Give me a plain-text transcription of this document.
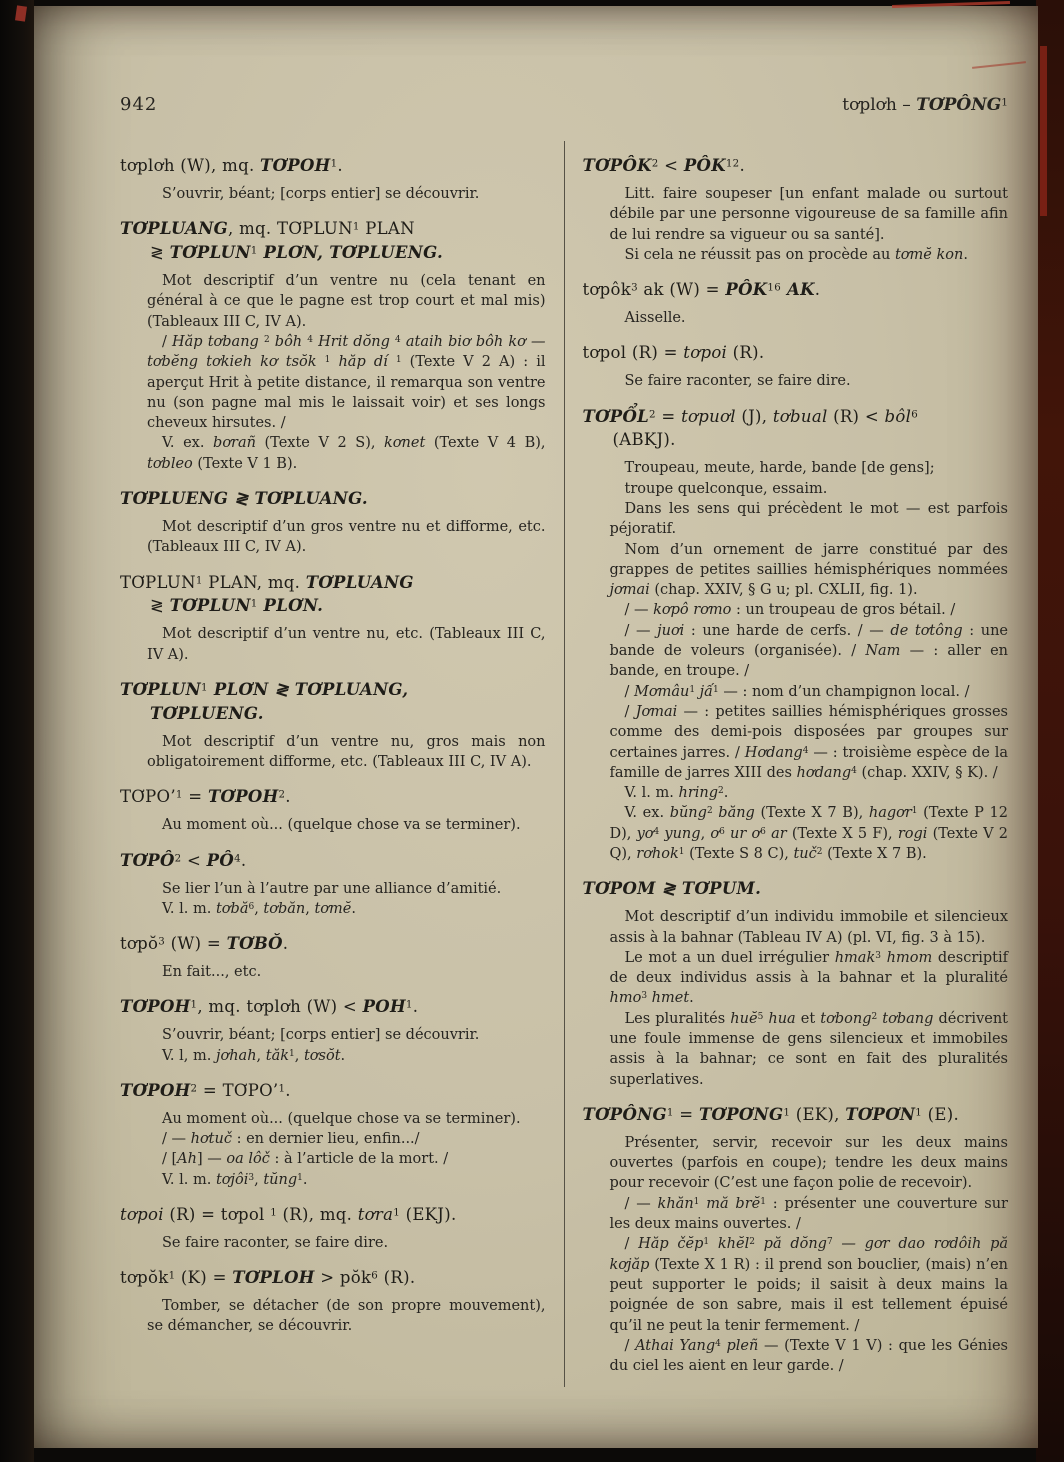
942	tơplơh – TƠPÔNG$^1$
tơplơh (W), mq. TƠPOH$^1$.

S’ouvrir, béant; [corps entier] se découvrir.

TƠPLUANG, mq. TƠPLUN$^1$ PLAN
≷ TƠPLUN$^1$ PLƠN, TƠPLUENG.

Mot descriptif d’un ventre nu (cela tenant en général à ce que le pagne est trop court et mal mis) (Tableaux III C, IV A).

/ Hăp tơbang $^2$ bôh $^4$ Hrit dŏng $^4$ ataih biơ bôh kơ — tơbĕng tơkieh kơ tsŏk $^1$ hăp dí $^1$ (Texte V 2 A) : il aperçut Hrit à petite distance, il remarqua son ventre nu (son pagne mal mis le laissait voir) et ses longs cheveux hirsutes. /

V. ex. bơrañ (Texte V 2 S), kơnet (Texte V 4 B), tơbleo (Texte V 1 B).

TƠPLUENG ≷ TƠPLUANG.

Mot descriptif d’un gros ventre nu et difforme, etc. (Tableaux III C, IV A).

TƠPLUN$^1$ PLAN, mq. TƠPLUANG
≷ TƠPLUN$^1$ PLƠN.

Mot descriptif d’un ventre nu, etc. (Tableaux III C, IV A).

TƠPLUN$^1$ PLƠN ≷ TƠPLUANG,
TƠPLUENG.

Mot descriptif d’un ventre nu, gros mais non obligatoirement difforme, etc. (Tableaux III C, IV A).

TƠPO’$^1$ = $TƠPOH^2$.

Au moment où... (quelque chose va se terminer).

$TƠPÔ^2$ < $PÔ^4$.

Se lier l’un à l’autre par une alliance d’amitié.

V. l. m. tơbă$^6$, tơbăn, tơmĕ.

tơpŏ$^3$ (W) = TƠBŎ.

En fait..., etc.

TƠPOH$^1$, mq. tơplơh $(W) < POH^1$.

S’ouvrir, béant; [corps entier] se découvrir.

V. l, m. jơhah, tăk$^1$, tơsŏt.

$TƠPOH^2$ = TƠPO’$^1$.

Au moment où... (quelque chose va se terminer).

/ — hơtuč : en dernier lieu, enfin.../

/ [Ah] — oa lôč : à l’article de la mort. /

V. l. m. tơjôi$^3$, tŭng$^1$.

tơpoi (R) = tơpol $^1$ (R), mq. tơra$^1$ (EKJ).

Se faire raconter, se faire dire.

tơpŏk$^1$ (K) = TƠPLOH > pŏk$^6$ (R).

Tomber, se détacher (de son propre mouvement), se démancher, se découvrir.

$TƠPÔK^2$ < $PÔK^{12}$.

Litt. faire soupeser [un enfant malade ou surtout débile par une personne vigoureuse de sa famille afin de lui rendre sa vigueur ou sa santé].

Si cela ne réussit pas on procède au tơmĕ kon.

tơpôk$^3$ ak $(W) = PÔK^{16}$ AK.

Aisselle.

tơpol (R) = tơpoi (R).

Se faire raconter, se faire dire.

TƠPỔL$^2$ = tơpuơl (J), tơbual (R) < bôl$^6$
(ABKJ).

Troupeau, meute, harde, bande [de gens];

troupe quelconque, essaim.

Dans les sens qui précèdent le mot — est parfois péjoratif.

Nom d’un ornement de jarre constitué par des grappes de petites saillies hémisphériques nommées jơmai (chap. XXIV, § G u; pl. CXLII, fig. 1).

/ — kơpô rơmo : un troupeau de gros bétail. /

/ — juơi : une harde de cerfs. / — de tơtông : une bande de voleurs (organisée). / Nam — : aller en bande, en troupe. /

/ Mơmâu$^1$ jấ$^1$ — : nom d’un champignon local. /

/ Jơmai — : petites saillies hémisphériques grosses comme des demi-pois disposées par groupes sur certaines jarres. / Hơdang$^4$ — : troisième espèce de la famille de jarres XIII des hơdang$^4$ (chap. XXIV, § K). /

V. l. m. hring$^2$.

V. ex. bŭng$^2$ băng (Texte X 7 B), hagơr$^1$ (Texte P 12 D), $yơ^4$ yung, $ơ^6$ ur $ơ^6$ ar (Texte X 5 F), rogi (Texte V 2 Q), rơhok$^1$ (Texte S 8 C), tuč$^2$ (Texte X 7 B).

TƠPOM ≷ TƠPUM.

Mot descriptif d’un individu immobile et silencieux assis à la bahnar (Tableau IV A) (pl. VI, fig. 3 à 15).

Le mot a un duel irrégulier hmak$^3$ hmom descriptif de deux individus assis à la bahnar et la pluralité hmo$^3$ hmet.

Les pluralités huĕ$^5$ hua et tơbong$^2$ tơbang décrivent une foule immense de gens silencieux et immobiles assis à la bahnar; ce sont en fait des pluralités superlatives.

$TƠPÔNG^1$ = $TƠPƠNG^1$ (EK), TƠPƠN$^1$ (E).

Présenter, servir, recevoir sur les deux mains ouvertes (parfois en coupe); tendre les deux mains pour recevoir (C’est une façon polie de recevoir).

/ — khăn$^1$ mă brĕ$^1$ : présenter une couverture sur les deux mains ouvertes. /

/ Hăp čĕp$^1$ khĕl$^2$ pă dŏng$^7$ — gơr dao rơdôih pă kơjăp (Texte X 1 R) : il prend son bouclier, (mais) n’en peut supporter le poids; il saisit à deux mains la poignée de son sabre, mais il est tellement épuisé qu’il ne peut la tenir fermement. /

/ Athai Yang$^4$ pleñ — (Texte V 1 V) : que les Génies du ciel les aient en leur garde. /
